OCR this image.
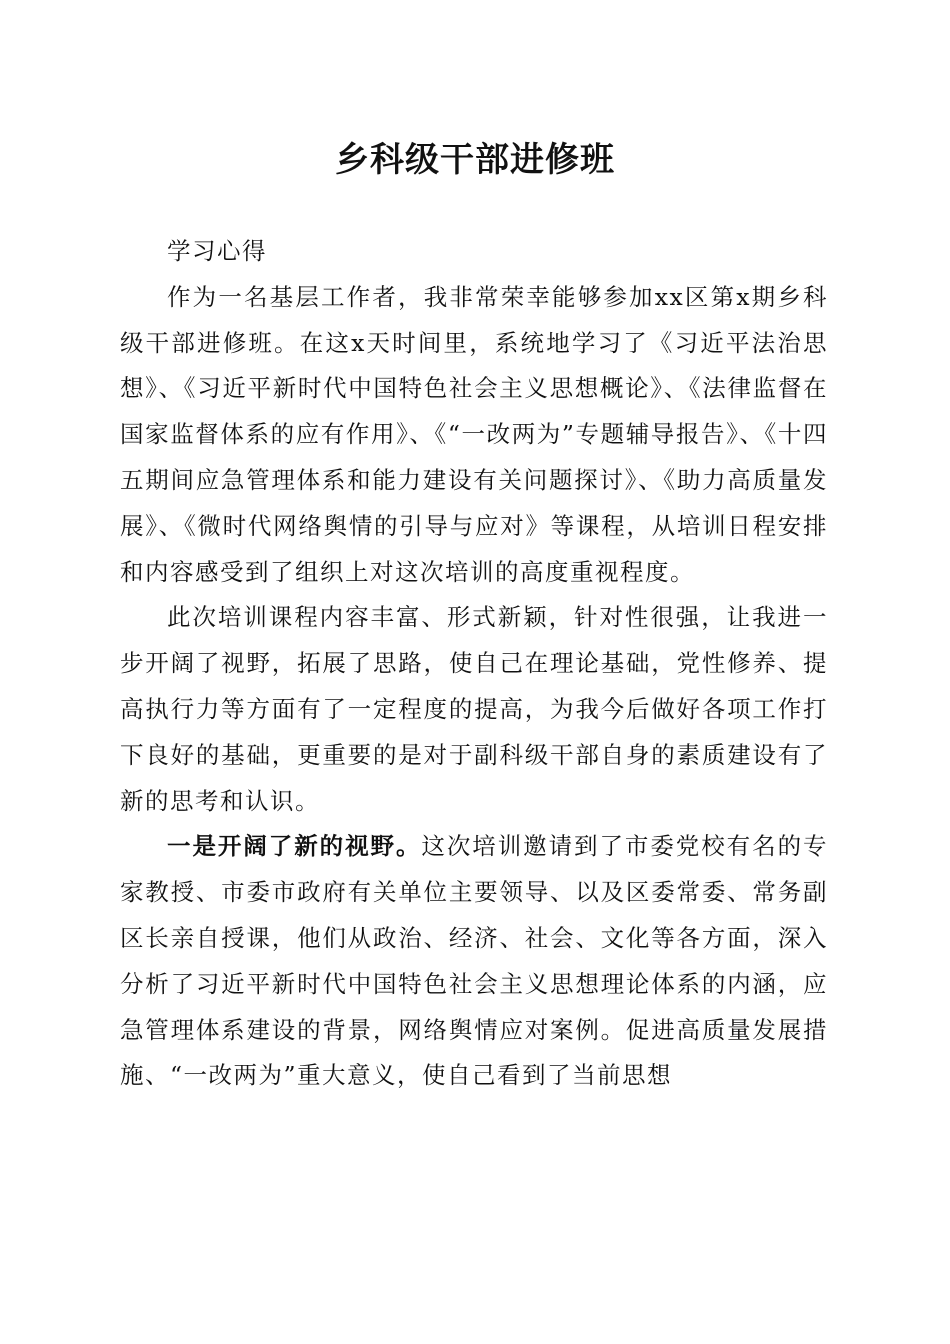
乡科级干部进修班

学习心得

作为一名基层工作者，我非常荣幸能够参加xx区第x期乡科级干部进修班。在这x天时间里，系统地学习了《习近平法治思想》、《习近平新时代中国特色社会主义思想概论》、《法律监督在国家监督体系的应有作用》、《“一改两为”专题辅导报告》、《十四五期间应急管理体系和能力建设有关问题探讨》、《助力高质量发展》、《微时代网络舆情的引导与应对》等课程，从培训日程安排和内容感受到了组织上对这次培训的高度重视程度。

此次培训课程内容丰富、形式新颖，针对性很强，让我进一步开阔了视野，拓展了思路，使自己在理论基础，党性修养、提高执行力等方面有了一定程度的提高，为我今后做好各项工作打下良好的基础，更重要的是对于副科级干部自身的素质建设有了新的思考和认识。

一是开阔了新的视野。这次培训邀请到了市委党校有名的专家教授、市委市政府有关单位主要领导、以及区委常委、常务副区长亲自授课，他们从政治、经济、社会、文化等各方面，深入分析了习近平新时代中国特色社会主义思想理论体系的内涵，应急管理体系建设的背景，网络舆情应对案例。促进高质量发展措施、“一改两为”重大意义，使自己看到了当前思想
